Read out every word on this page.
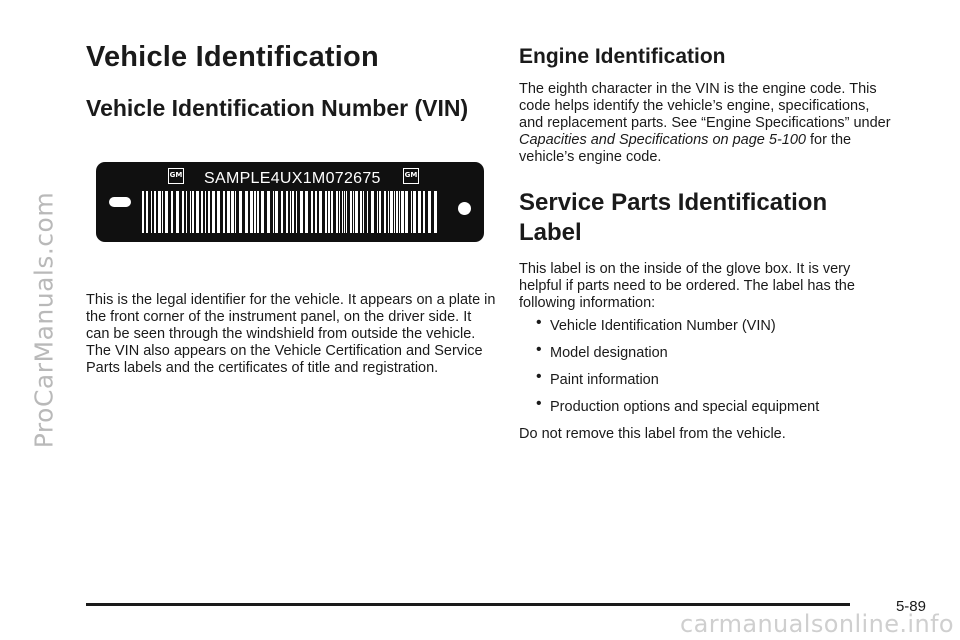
ProCarManuals.com
Vehicle Identification
Vehicle Identification Number (VIN)
GM SAMPLE4UX1M072675	GM

This is the legal identifier for the vehicle. It appears on a plate in the front corner of the instrument panel, on the driver side. It can be seen through the windshield from outside the vehicle. The VIN also appears on the Vehicle Certification and Service Parts labels and the certificates of title and registration.

Engine Identification

The eighth character in the VIN is the engine code. This code helps identify the vehicle’s engine, specifications, and replacement parts. See “Engine Specifications” under Capacities and Specifications on page 5-100 for the vehicle’s engine code.

Service Parts Identification Label

This label is on the inside of the glove box. It is very helpful if parts need to be ordered. The label has the following information:

• Vehicle Identification Number (VIN)
• Model designation
• Paint information
• Production options and special equipment

Do not remove this label from the vehicle.

5-89
carmanualsonline.info
